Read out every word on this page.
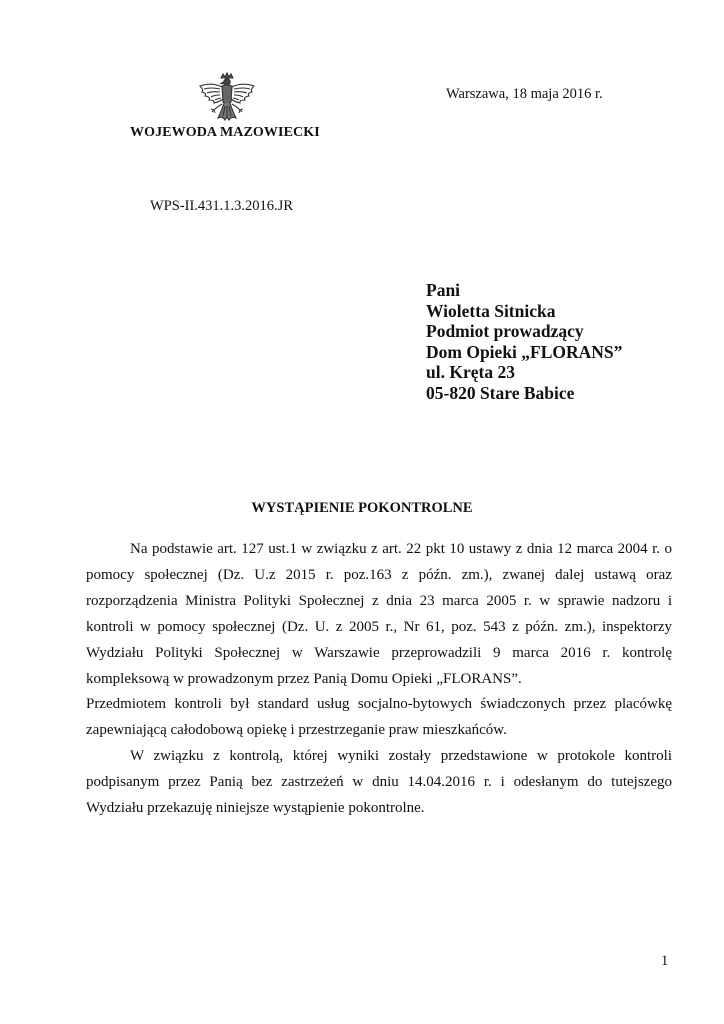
WOJEWODA MAZOWIECKI
Warszawa, 18 maja 2016 r.
WPS-II.431.1.3.2016.JR
Pani
Wioletta Sitnicka
Podmiot prowadzący
Dom Opieki „FLORANS”
ul. Kręta 23
05-820 Stare Babice
WYSTĄPIENIE POKONTROLNE

Na podstawie art. 127 ust.1 w związku z art. 22 pkt 10 ustawy z dnia 12 marca 2004 r. o pomocy społecznej (Dz. U.z 2015 r. poz.163 z późn. zm.), zwanej dalej ustawą oraz rozporządzenia Ministra Polityki Społecznej z dnia 23 marca 2005 r. w sprawie nadzoru i kontroli w pomocy społecznej (Dz. U. z 2005 r., Nr 61, poz. 543 z późn. zm.), inspektorzy Wydziału Polityki Społecznej w Warszawie przeprowadzili 9 marca 2016 r. kontrolę kompleksową w prowadzonym przez Panią Domu Opieki „FLORANS”.

Przedmiotem kontroli był standard usług socjalno-bytowych świadczonych przez placówkę zapewniającą całodobową opiekę i przestrzeganie praw mieszkańców.

W związku z kontrolą, której wyniki zostały przedstawione w protokole kontroli podpisanym przez Panią bez zastrzeżeń w dniu 14.04.2016 r. i odesłanym do tutejszego Wydziału przekazuję niniejsze wystąpienie pokontrolne.

1
